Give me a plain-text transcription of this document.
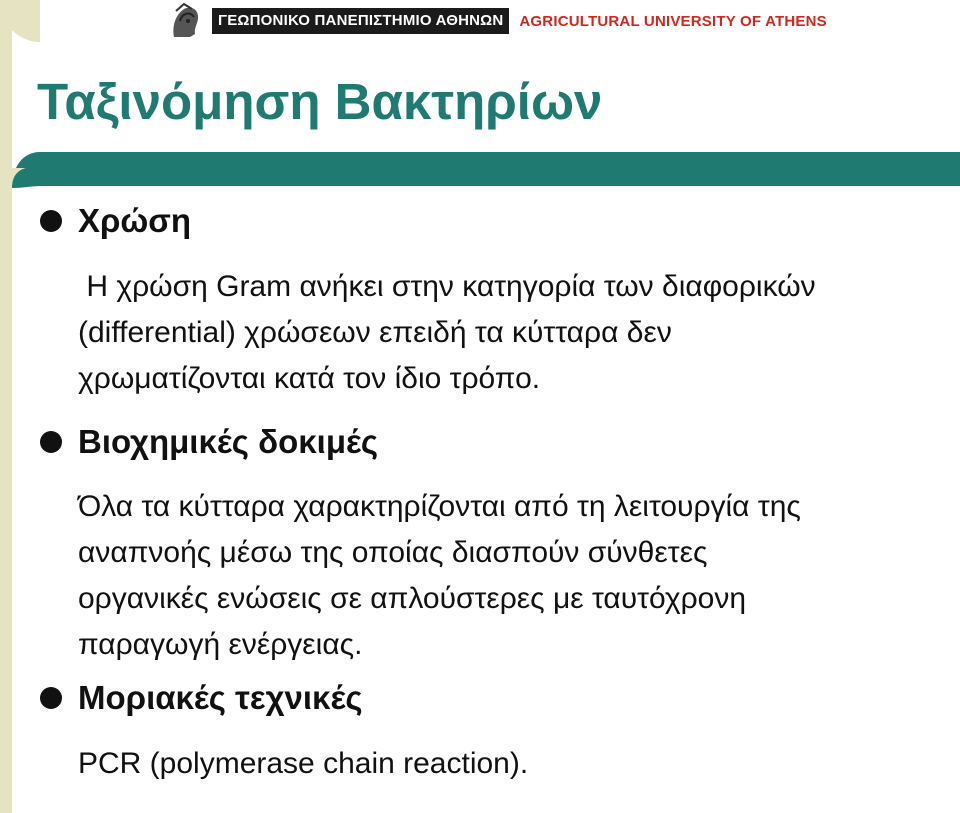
ΓΕΩΠΟΝΙΚΟ ΠΑΝΕΠΙΣΤΗΜΙΟ ΑΘΗΝΩΝ	AGRICULTURAL UNIVERSITY OF ATHENS
Ταξινόμηση Βακτηρίων
Χρώση

Η χρώση Gram ανήκει στην κατηγορία των διαφορικών
(differential) χρώσεων επειδή τα κύτταρα δεν
χρωματίζονται κατά τον ίδιο τρόπο.

Βιοχημικές δοκιμές

Όλα τα κύτταρα χαρακτηρίζονται από τη λειτουργία της
αναπνοής μέσω της οποίας διασπούν σύνθετες
οργανικές ενώσεις σε απλούστερες με ταυτόχρονη
παραγωγή ενέργειας.

Μοριακές τεχνικές

PCR (polymerase chain reaction).
